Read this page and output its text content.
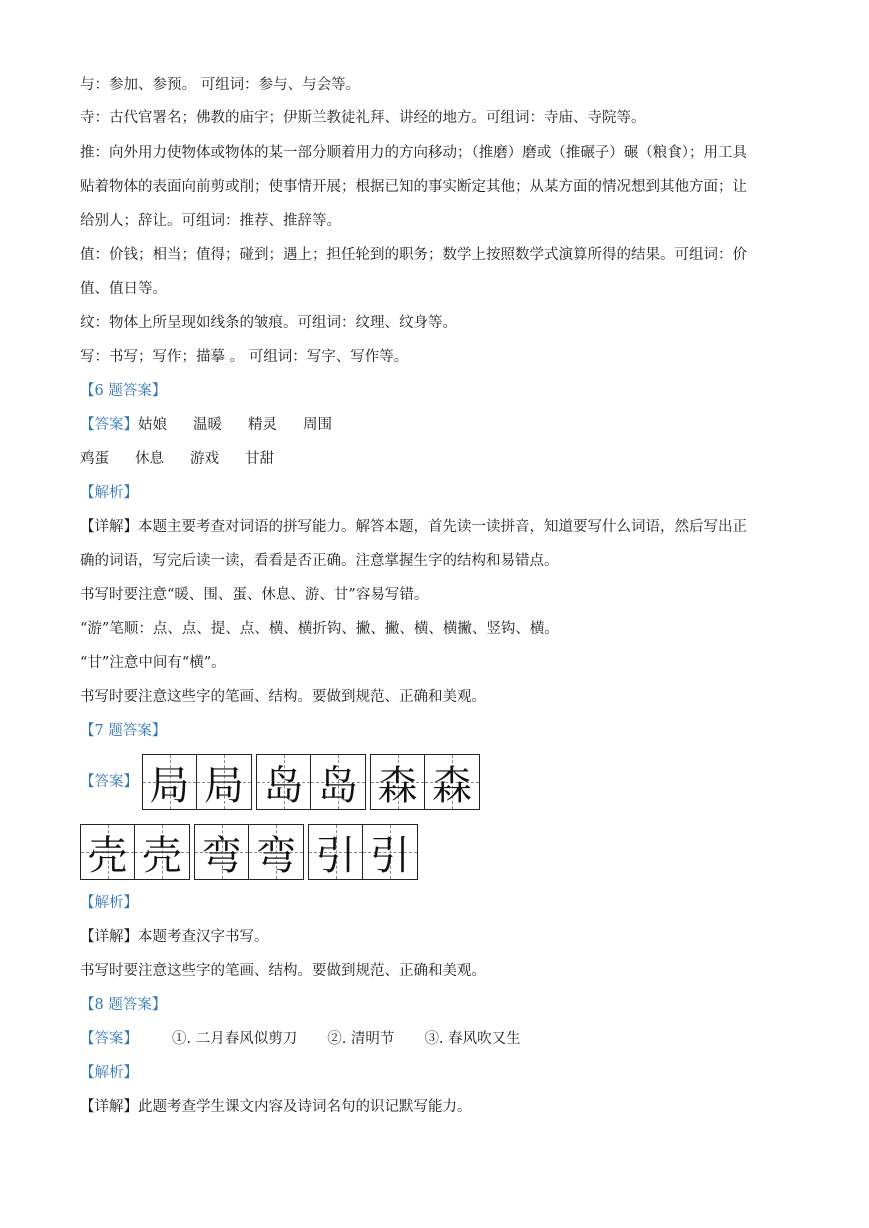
与：参加、参预。 可组词：参与、与会等。
寺：古代官署名；佛教的庙宇；伊斯兰教徒礼拜、讲经的地方。可组词：寺庙、寺院等。
推：向外用力使物体或物体的某一部分顺着用力的方向移动；（推磨）磨或（推碾子）碾（粮食）；用工具
贴着物体的表面向前剪或削；使事情开展；根据已知的事实断定其他；从某方面的情况想到其他方面；让
给别人；辞让。可组词：推荐、推辞等。
值：价钱；相当；值得；碰到；遇上；担任轮到的职务；数学上按照数学式演算所得的结果。可组词：价
值、值日等。
纹：物体上所呈现如线条的皱痕。可组词：纹理、纹身等。
写：书写；写作；描摹 。 可组词：写字、写作等。
【6 题答案】
【答案】姑娘 温暖 精灵 周围
鸡蛋 休息 游戏 甘甜
【解析】
【详解】本题主要考查对词语的拼写能力。解答本题，首先读一读拼音，知道要写什么词语，然后写出正
确的词语，写完后读一读，看看是否正确。注意掌握生字的结构和易错点。
书写时要注意“暖、围、蛋、休息、游、甘”容易写错。
“游”笔顺：点、点、提、点、横、横折钩、撇、撇、横、横撇、竖钩、横。
“甘”注意中间有“横”。
书写时要注意这些字的笔画、结构。要做到规范、正确和美观。
【7 题答案】
【答案】 局 局 岛 岛 森 森
壳 壳 弯 弯 引 引
【解析】
【详解】本题考查汉字书写。
书写时要注意这些字的笔画、结构。要做到规范、正确和美观。
【8 题答案】
【答案】 ①. 二月春风似剪刀 ②. 清明节 ③. 春风吹又生
【解析】
【详解】此题考查学生课文内容及诗词名句的识记默写能力。
